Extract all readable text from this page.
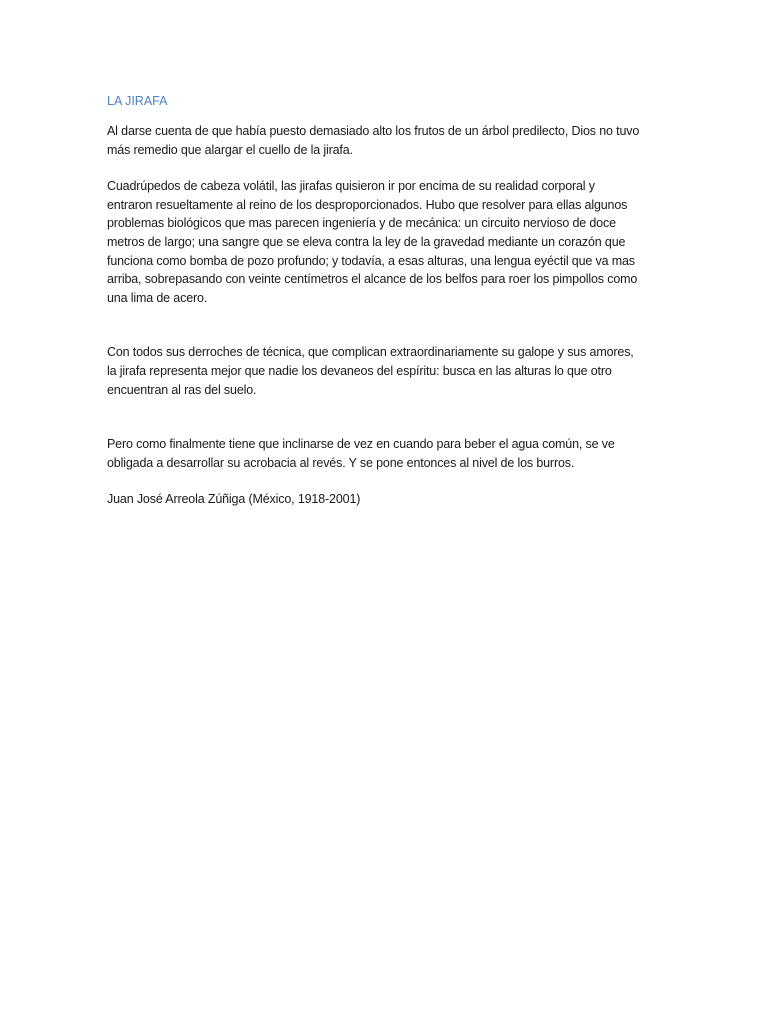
LA JIRAFA

Al darse cuenta de que había puesto demasiado alto los frutos de un árbol predilecto, Dios no tuvo

más remedio que alargar el cuello de la jirafa.

Cuadrúpedos de cabeza volátil, las jirafas quisieron ir por encima de su realidad corporal y

entraron resueltamente al reino de los desproporcionados. Hubo que resolver para ellas algunos

problemas biológicos que mas parecen ingeniería y de mecánica: un circuito nervioso de doce

metros de largo; una sangre que se eleva contra la ley de la gravedad mediante un corazón que

funciona como bomba de pozo profundo; y todavía, a esas alturas, una lengua eyéctil que va mas

arriba, sobrepasando con veinte centímetros el alcance de los belfos para roer los pimpollos como

una lima de acero.

Con todos sus derroches de técnica, que complican extraordinariamente su galope y sus amores,

la jirafa representa mejor que nadie los devaneos del espíritu: busca en las alturas lo que otro

encuentran al ras del suelo.

Pero como finalmente tiene que inclinarse de vez en cuando para beber el agua común, se ve

obligada a desarrollar su acrobacia al revés. Y se pone entonces al nivel de los burros.

Juan José Arreola Zúñiga (México, 1918-2001)
